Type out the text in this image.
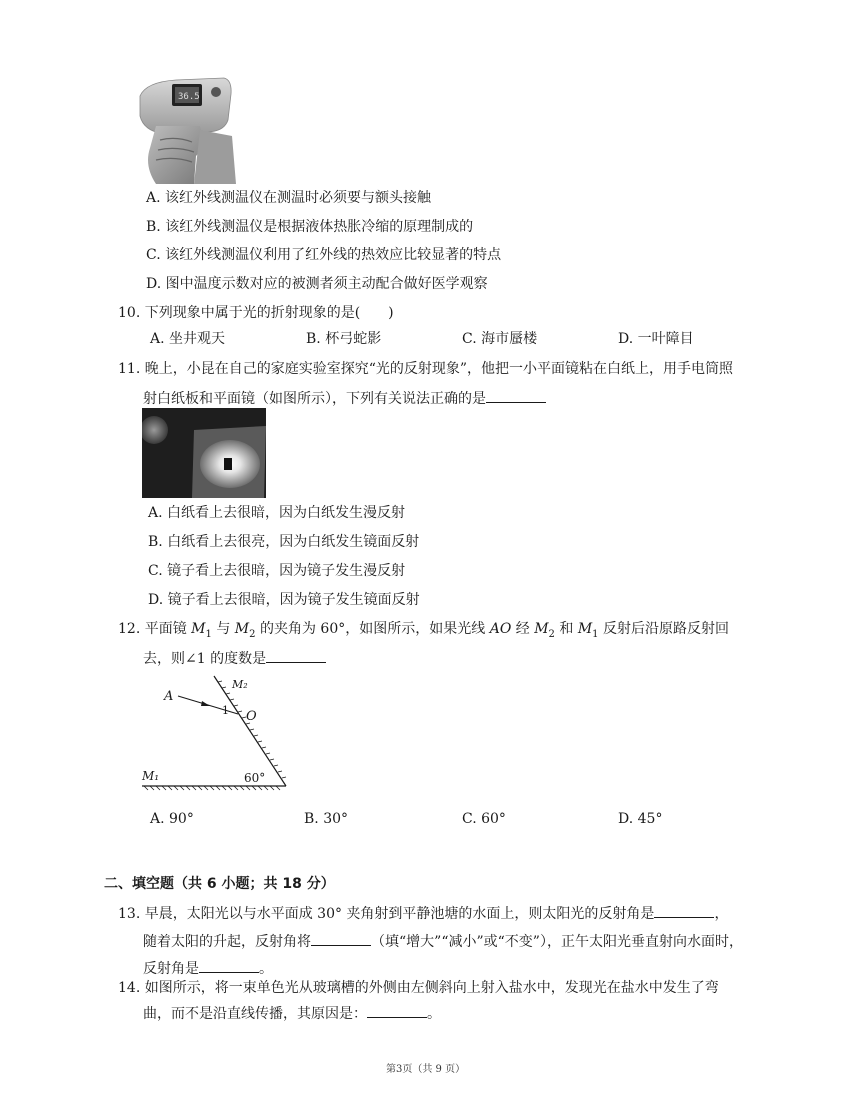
36.5
A. 该红外线测温仪在测温时必须要与额头接触
B. 该红外线测温仪是根据液体热胀冷缩的原理制成的
C. 该红外线测温仪利用了红外线的热效应比较显著的特点
D. 图中温度示数对应的被测者须主动配合做好医学观察
10. 下列现象中属于光的折射现象的是(　　)
A. 坐井观天	B. 杯弓蛇影	C. 海市蜃楼	D. 一叶障目
11. 晚上，小昆在自己的家庭实验室探究“光的反射现象”，他把一小平面镜粘在白纸上，用手电筒照
射白纸板和平面镜（如图所示），下列有关说法正确的是
A. 白纸看上去很暗，因为白纸发生漫反射
B. 白纸看上去很亮，因为白纸发生镜面反射
C. 镜子看上去很暗，因为镜子发生漫反射
D. 镜子看上去很暗，因为镜子发生镜面反射
12. 平面镜 $M_1$ 与 $M_2$ 的夹角为 60°，如图所示，如果光线 AO 经 $M_2$ 和 $M_1$ 反射后沿原路反射回
去，则∠1 的度数是
A
M₂
1 O
M₁	60°
A. 90°	B. 30°	C. 60°	D. 45°
二、填空题（共 6 小题；共 18 分）
13. 早晨，太阳光以与水平面成 30° 夹角射到平静池塘的水面上，则太阳光的反射角是	，
随着太阳的升起，反射角将	（填“增大”“减小”或“不变”），正午太阳光垂直射向水面时，
反射角是	。
14. 如图所示，将一束单色光从玻璃槽的外侧由左侧斜向上射入盐水中，发现光在盐水中发生了弯
曲，而不是沿直线传播，其原因是：	。
第3页（共 9 页）
